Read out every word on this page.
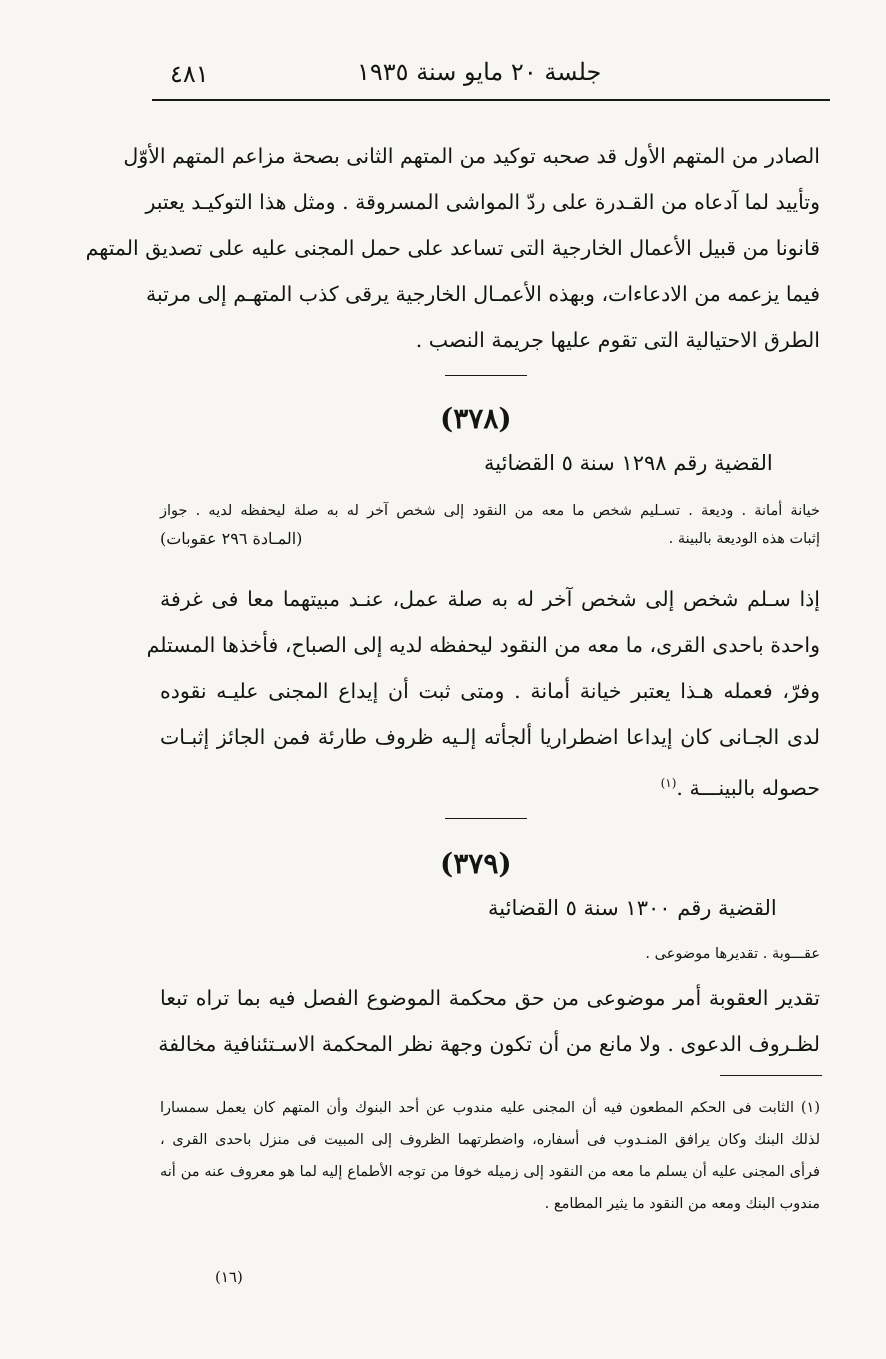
٤٨١	جلسة ٢٠ مايو سنة ١٩٣٥
الصادر من المتهم الأول قد صحبه توكيد من المتهم الثانى بصحة مزاعم المتهم الأوّل
وتأييد لما آدعاه من القـدرة على ردّ المواشى المسروقة . ومثل هذا التوكيـد يعتبر
قانونا من قبيل الأعمال الخارجية التى تساعد على حمل المجنى عليه على تصديق المتهم
فيما يزعمه من الادعاءات، وبهذه الأعمـال الخارجية يرقى كذب المتهـم إلى مرتبة
الطرق الاحتيالية التى تقوم عليها جريمة النصب .
(٣٧٨)
القضية رقم ١٢٩٨ سنة ٥ القضائية
خيانة أمانة . وديعة . تسـليم شخص ما معه من النقود إلى شخص آخر له به صلة ليحفظه لديه . جواز
إثبات هذه الوديعة بالبينة .
(المـادة ٢٩٦ عقوبات)
إذا سـلم شخص إلى شخص آخر له به صلة عمل، عنـد مبيتهما معا فى غرفة
واحدة باحدى القرى، ما معه من النقود ليحفظه لديه إلى الصباح، فأخذها المستلم
وفرّ، فعمله هـذا يعتبر خيانة أمانة . ومتى ثبت أن إيداع المجنى عليـه نقوده
لدى الجـانى كان إيداعا اضطراريا ألجأته إلـيه ظروف طارئة فمن الجائز إثبـات
حصوله بالبينـــة .$^{(١)}$
(٣٧٩)
القضية رقم ١٣٠٠ سنة ٥ القضائية
عقـــوبة . تقديرها موضوعى .
تقدير العقوبة أمر موضوعى من حق محكمة الموضوع الفصل فيه بما تراه تبعا
لظـروف الدعوى . ولا مانع من أن تكون وجهة نظر المحكمة الاسـتئنافية مخالفة
(١) الثابت فى الحكم المطعون فيه أن المجنى عليه مندوب عن أحد البنوك وأن المتهم كان يعمل سمسارا
لذلك البنك وكان يرافق المنـدوب فى أسفاره، واضطرتهما الظروف إلى المبيت فى منزل باحدى القرى ،
فرأى المجنى عليه أن يسلم ما معه من النقود إلى زميله خوفا من توجه الأطماع إليه لما هو معروف عنه من أنه
مندوب البنك ومعه من النقود ما يثير المطامع .
(١٦)
